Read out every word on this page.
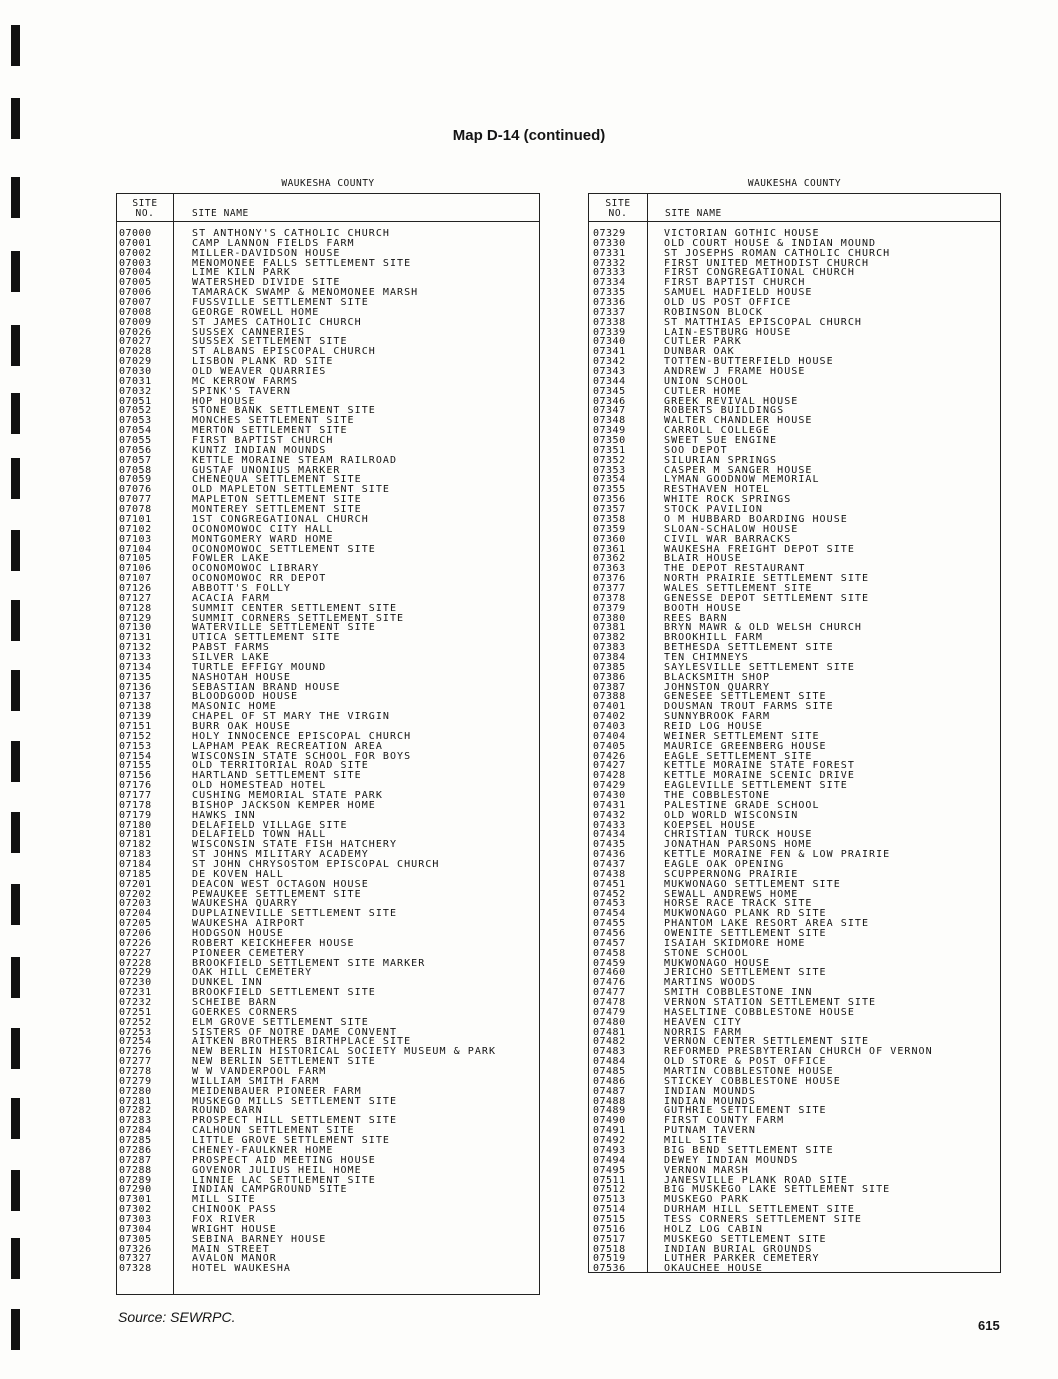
Map D-14 (continued)
WAUKESHA COUNTY
SITE
NO.	SITE NAME
07000	ST ANTHONY'S CATHOLIC CHURCH
07001	CAMP LANNON FIELDS FARM
07002	MILLER-DAVIDSON HOUSE
07003	MENOMONEE FALLS SETTLEMENT SITE
07004	LIME KILN PARK
07005	WATERSHED DIVIDE SITE
07006	TAMARACK SWAMP & MENOMONEE MARSH
07007	FUSSVILLE SETTLEMENT SITE
07008	GEORGE ROWELL HOME
07009	ST JAMES CATHOLIC CHURCH
07026	SUSSEX CANNERIES
07027	SUSSEX SETTLEMENT SITE
07028	ST ALBANS EPISCOPAL CHURCH
07029	LISBON PLANK RD SITE
07030	OLD WEAVER QUARRIES
07031	MC KERROW FARMS
07032	SPINK'S TAVERN
07051	HOP HOUSE
07052	STONE BANK SETTLEMENT SITE
07053	MONCHES SETTLEMENT SITE
07054	MERTON SETTLEMENT SITE
07055	FIRST BAPTIST CHURCH
07056	KUNTZ INDIAN MOUNDS
07057	KETTLE MORAINE STEAM RAILROAD
07058	GUSTAF UNONIUS MARKER
07059	CHENEQUA SETTLEMENT SITE
07076	OLD MAPLETON SETTLEMENT SITE
07077	MAPLETON SETTLEMENT SITE
07078	MONTEREY SETTLEMENT SITE
07101	1ST CONGREGATIONAL CHURCH
07102	OCONOMOWOC CITY HALL
07103	MONTGOMERY WARD HOME
07104	OCONOMOWOC SETTLEMENT SITE
07105	FOWLER LAKE
07106	OCONOMOWOC LIBRARY
07107	OCONOMOWOC RR DEPOT
07126	ABBOTT'S FOLLY
07127	ACACIA FARM
07128	SUMMIT CENTER SETTLEMENT SITE
07129	SUMMIT CORNERS SETTLEMENT SITE
07130	WATERVILLE SETTLEMENT SITE
07131	UTICA SETTLEMENT SITE
07132	PABST FARMS
07133	SILVER LAKE
07134	TURTLE EFFIGY MOUND
07135	NASHOTAH HOUSE
07136	SEBASTIAN BRAND HOUSE
07137	BLOODGOOD HOUSE
07138	MASONIC HOME
07139	CHAPEL OF ST MARY THE VIRGIN
07151	BURR OAK HOUSE
07152	HOLY INNOCENCE EPISCOPAL CHURCH
07153	LAPHAM PEAK RECREATION AREA
07154	WISCONSIN STATE SCHOOL FOR BOYS
07155	OLD TERRITORIAL ROAD SITE
07156	HARTLAND SETTLEMENT SITE
07176	OLD HOMESTEAD HOTEL
07177	CUSHING MEMORIAL STATE PARK
07178	BISHOP JACKSON KEMPER HOME
07179	HAWKS INN
07180	DELAFIELD VILLAGE SITE
07181	DELAFIELD TOWN HALL
07182	WISCONSIN STATE FISH HATCHERY
07183	ST JOHNS MILITARY ACADEMY
07184	ST JOHN CHRYSOSTOM EPISCOPAL CHURCH
07185	DE KOVEN HALL
07201	DEACON WEST OCTAGON HOUSE
07202	PEWAUKEE SETTLEMENT SITE
07203	WAUKESHA QUARRY
07204	DUPLAINEVILLE SETTLEMENT SITE
07205	WAUKESHA AIRPORT
07206	HODGSON HOUSE
07226	ROBERT KEICKHEFER HOUSE
07227	PIONEER CEMETERY
07228	BROOKFIELD SETTLEMENT SITE MARKER
07229	OAK HILL CEMETERY
07230	DUNKEL INN
07231	BROOKFIELD SETTLEMENT SITE
07232	SCHEIBE BARN
07251	GOERKES CORNERS
07252	ELM GROVE SETTLEMENT SITE
07253	SISTERS OF NOTRE DAME CONVENT
07254	AITKEN BROTHERS BIRTHPLACE SITE
07276	NEW BERLIN HISTORICAL SOCIETY MUSEUM & PARK
07277	NEW BERLIN SETTLEMENT SITE
07278	W W VANDERPOOL FARM
07279	WILLIAM SMITH FARM
07280	MEIDENBAUER PIONEER FARM
07281	MUSKEGO MILLS SETTLEMENT SITE
07282	ROUND BARN
07283	PROSPECT HILL SETTLEMENT SITE
07284	CALHOUN SETTLEMENT SITE
07285	LITTLE GROVE SETTLEMENT SITE
07286	CHENEY-FAULKNER HOME
07287	PROSPECT AID MEETING HOUSE
07288	GOVENOR JULIUS HEIL HOME
07289	LINNIE LAC SETTLEMENT SITE
07290	INDIAN CAMPGROUND SITE
07301	MILL SITE
07302	CHINOOK PASS
07303	FOX RIVER
07304	WRIGHT HOUSE
07305	SEBINA BARNEY HOUSE
07326	MAIN STREET
07327	AVALON MANOR
07328	HOTEL WAUKESHA
WAUKESHA COUNTY
SITE
NO.	SITE NAME
07329	VICTORIAN GOTHIC HOUSE
07330	OLD COURT HOUSE & INDIAN MOUND
07331	ST JOSEPHS ROMAN CATHOLIC CHURCH
07332	FIRST UNITED METHODIST CHURCH
07333	FIRST CONGREGATIONAL CHURCH
07334	FIRST BAPTIST CHURCH
07335	SAMUEL HADFIELD HOUSE
07336	OLD US POST OFFICE
07337	ROBINSON BLOCK
07338	ST MATTHIAS EPISCOPAL CHURCH
07339	LAIN-ESTBURG HOUSE
07340	CUTLER PARK
07341	DUNBAR OAK
07342	TOTTEN-BUTTERFIELD HOUSE
07343	ANDREW J FRAME HOUSE
07344	UNION SCHOOL
07345	CUTLER HOME
07346	GREEK REVIVAL HOUSE
07347	ROBERTS BUILDINGS
07348	WALTER CHANDLER HOUSE
07349	CARROLL COLLEGE
07350	SWEET SUE ENGINE
07351	SOO DEPOT
07352	SILURIAN SPRINGS
07353	CASPER M SANGER HOUSE
07354	LYMAN GOODNOW MEMORIAL
07355	RESTHAVEN HOTEL
07356	WHITE ROCK SPRINGS
07357	STOCK PAVILION
07358	O M HUBBARD BOARDING HOUSE
07359	SLOAN-SCHALOW HOUSE
07360	CIVIL WAR BARRACKS
07361	WAUKESHA FREIGHT DEPOT SITE
07362	BLAIR HOUSE
07363	THE DEPOT RESTAURANT
07376	NORTH PRAIRIE SETTLEMENT SITE
07377	WALES SETTLEMENT SITE
07378	GENESSE DEPOT SETTLEMENT SITE
07379	BOOTH HOUSE
07380	REES BARN
07381	BRYN MAWR & OLD WELSH CHURCH
07382	BROOKHILL FARM
07383	BETHESDA SETTLEMENT SITE
07384	TEN CHIMNEYS
07385	SAYLESVILLE SETTLEMENT SITE
07386	BLACKSMITH SHOP
07387	JOHNSTON QUARRY
07388	GENESEE SETTLEMENT SITE
07401	DOUSMAN TROUT FARMS SITE
07402	SUNNYBROOK FARM
07403	REID LOG HOUSE
07404	WEINER SETTLEMENT SITE
07405	MAURICE GREENBERG HOUSE
07426	EAGLE SETTLEMENT SITE
07427	KETTLE MORAINE STATE FOREST
07428	KETTLE MORAINE SCENIC DRIVE
07429	EAGLEVILLE SETTLEMENT SITE
07430	THE COBBLESTONE
07431	PALESTINE GRADE SCHOOL
07432	OLD WORLD WISCONSIN
07433	KOEPSEL HOUSE
07434	CHRISTIAN TURCK HOUSE
07435	JONATHAN PARSONS HOME
07436	KETTLE MORAINE FEN & LOW PRAIRIE
07437	EAGLE OAK OPENING
07438	SCUPPERNONG PRAIRIE
07451	MUKWONAGO SETTLEMENT SITE
07452	SEWALL ANDREWS HOME
07453	HORSE RACE TRACK SITE
07454	MUKWONAGO PLANK RD SITE
07455	PHANTOM LAKE RESORT AREA SITE
07456	OWENITE SETTLEMENT SITE
07457	ISAIAH SKIDMORE HOME
07458	STONE SCHOOL
07459	MUKWONAGO HOUSE
07460	JERICHO SETTLEMENT SITE
07476	MARTINS WOODS
07477	SMITH COBBLESTONE INN
07478	VERNON STATION SETTLEMENT SITE
07479	HASELTINE COBBLESTONE HOUSE
07480	HEAVEN CITY
07481	NORRIS FARM
07482	VERNON CENTER SETTLEMENT SITE
07483	REFORMED PRESBYTERIAN CHURCH OF VERNON
07484	OLD STORE & POST OFFICE
07485	MARTIN COBBLESTONE HOUSE
07486	STICKEY COBBLESTONE HOUSE
07487	INDIAN MOUNDS
07488	INDIAN MOUNDS
07489	GUTHRIE SETTLEMENT SITE
07490	FIRST COUNTY FARM
07491	PUTNAM TAVERN
07492	MILL SITE
07493	BIG BEND SETTLEMENT SITE
07494	DEWEY INDIAN MOUNDS
07495	VERNON MARSH
07511	JANESVILLE PLANK ROAD SITE
07512	BIG MUSKEGO LAKE SETTLEMENT SITE
07513	MUSKEGO PARK
07514	DURHAM HILL SETTLEMENT SITE
07515	TESS CORNERS SETTLEMENT SITE
07516	HOLZ LOG CABIN
07517	MUSKEGO SETTLEMENT SITE
07518	INDIAN BURIAL GROUNDS
07519	LUTHER PARKER CEMETERY
07536	OKAUCHEE HOUSE
Source: SEWRPC.
615
